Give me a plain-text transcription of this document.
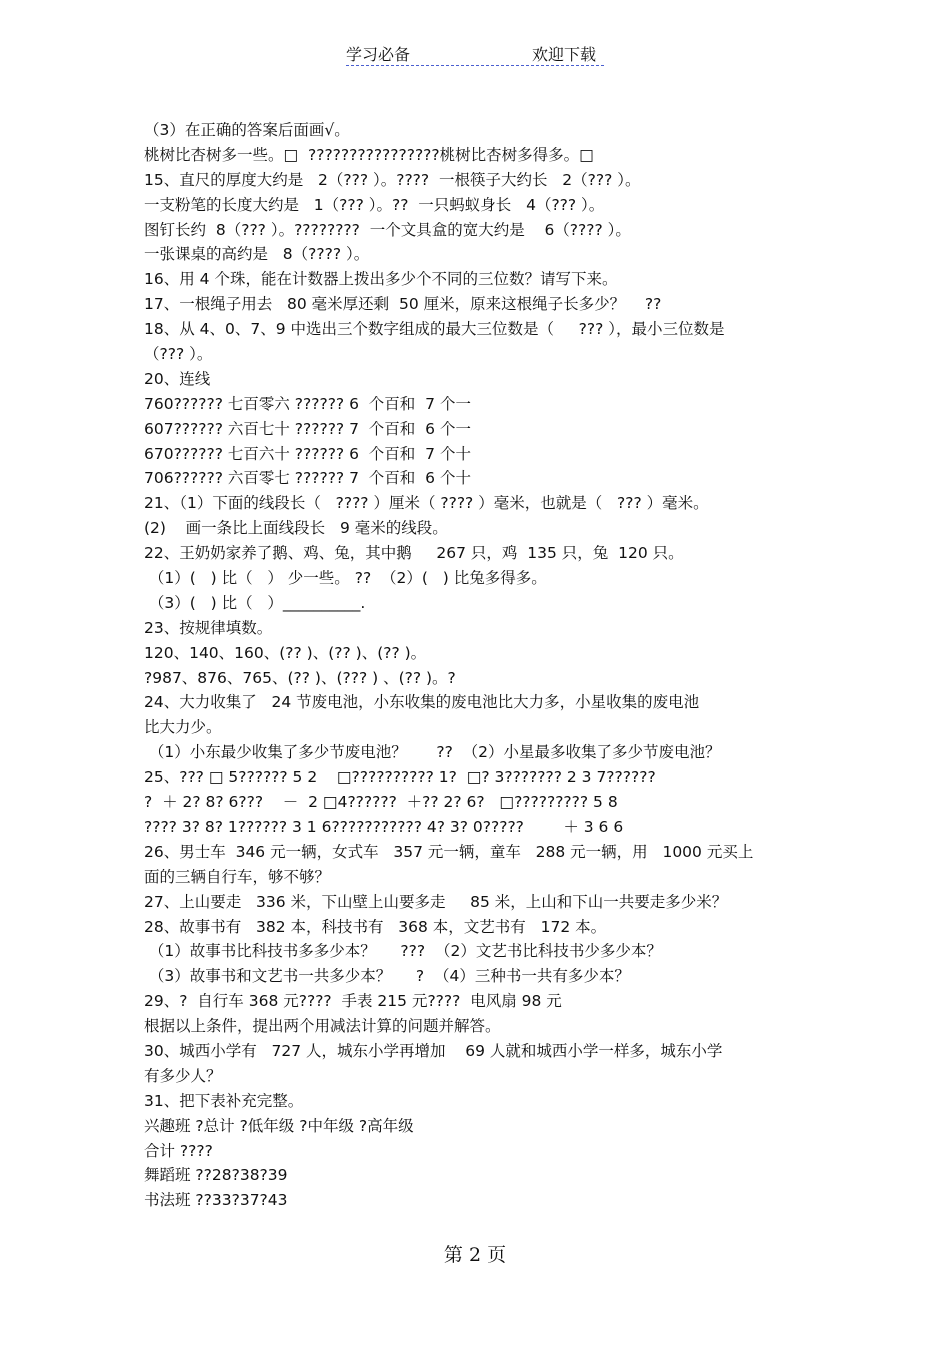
学习必备	欢迎下载
（3）在正确的答案后面画√。
桃树比杏树多一些。□  ????????????????桃树比杏树多得多。□
15、直尺的厚度大约是   2（??? ）。????  一根筷子大约长   2（??? ）。
一支粉笔的长度大约是   1（??? ）。??  一只蚂蚁身长   4（??? ）。
图钉长约  8（??? ）。????????  一个文具盒的宽大约是    6（???? ）。
一张课桌的高约是   8（???? ）。
16、用 4 个珠，能在计数器上拨出多少个不同的三位数？请写下来。
17、一根绳子用去   80 毫米厚还剩  50 厘米，原来这根绳子长多少？    ??
18、从 4、0、7、9 中选出三个数字组成的最大三位数是（     ??? ），最小三位数是
（??? ）。
20、连线
760?????? 七百零六 ?????? 6  个百和  7 个一
607?????? 六百七十 ?????? 7  个百和  6 个一
670?????? 七百六十 ?????? 6  个百和  7 个十
706?????? 六百零七 ?????? 7  个百和  6 个十
21、（1）下面的线段长（   ???? ）厘米（ ???? ）毫米，也就是（   ??? ）毫米。
(2)    画一条比上面线段长   9 毫米的线段。
22、王奶奶家养了鹅、鸡、兔，其中鹅     267 只，鸡  135 只，兔  120 只。
（1）(   ) 比（   ） 少一些。 ??  （2）(   ) 比兔多得多。
（3）(   ) 比（   ）__________.
23、按规律填数。
120、140、160、(?? )、(?? )、(?? )。
?987、876、765、(?? )、(??? ) 、(?? )。?
24、大力收集了   24 节废电池，小东收集的废电池比大力多，小星收集的废电池
比大力少。
（1）小东最少收集了多少节废电池？      ??  （2）小星最多收集了多少节废电池？
25、??? □ 5?????? 5 2    □?????????? 1?  □? 3??????? 2 3 7??????
?  ＋ 2? 8? 6???    －  2 □4??????  ＋?? 2? 6?   □????????? 5 8
???? 3? 8? 1?????? 3 1 6??????????? 4? 3? 0?????        ＋ 3 6 6
26、男士车  346 元一辆，女式车   357 元一辆，童车   288 元一辆，用   1000 元买上
面的三辆自行车，够不够？
27、上山要走   336 米，下山壁上山要多走     85 米，上山和下山一共要走多少米？
28、故事书有   382 本，科技书有   368 本，文艺书有   172 本。
（1）故事书比科技书多多少本？     ???  （2）文艺书比科技书少多少本？
（3）故事书和文艺书一共多少本？     ?  （4）三种书一共有多少本？
29、?  自行车 368 元????  手表 215 元????  电风扇 98 元
根据以上条件，提出两个用减法计算的问题并解答。
30、城西小学有   727 人，城东小学再增加    69 人就和城西小学一样多，城东小学
有多少人？
31、把下表补充完整。
兴趣班 ?总计 ?低年级 ?中年级 ?高年级
合计 ????
舞蹈班 ??28?38?39
书法班 ??33?37?43
第 2 页
